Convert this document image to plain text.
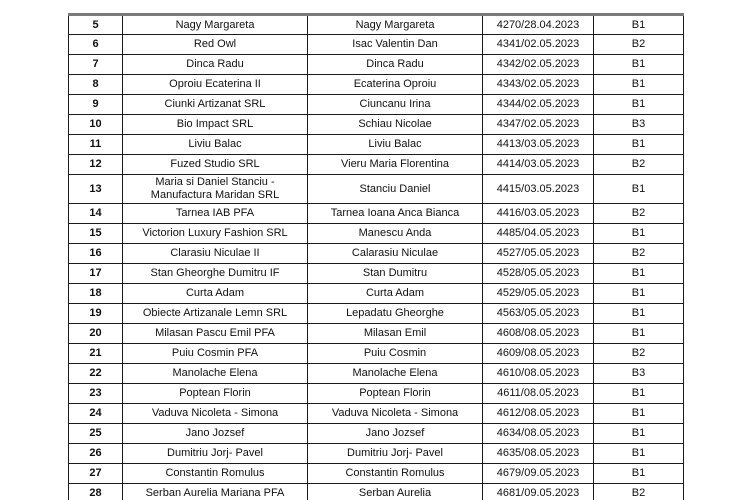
5	Nagy Margareta	Nagy Margareta	4270/28.04.2023	B1
6	Red Owl	Isac Valentin Dan	4341/02.05.2023	B2
7	Dinca Radu	Dinca Radu	4342/02.05.2023	B1
8	Oproiu Ecaterina II	Ecaterina Oproiu	4343/02.05.2023	B1
9	Ciunki Artizanat SRL	Ciuncanu Irina	4344/02.05.2023	B1
10	Bio Impact SRL	Schiau Nicolae	4347/02.05.2023	B3
11	Liviu Balac	Liviu Balac	4413/03.05.2023	B1
12	Fuzed Studio SRL	Vieru Maria Florentina	4414/03.05.2023	B2
13	Maria si Daniel Stanciu - Manufactura Maridan SRL	Stanciu Daniel	4415/03.05.2023	B1
14	Tarnea IAB PFA	Tarnea Ioana Anca Bianca	4416/03.05.2023	B2
15	Victorion Luxury Fashion SRL	Manescu Anda	4485/04.05.2023	B1
16	Clarasiu Niculae II	Calarasiu Niculae	4527/05.05.2023	B2
17	Stan Gheorghe Dumitru IF	Stan Dumitru	4528/05.05.2023	B1
18	Curta Adam	Curta Adam	4529/05.05.2023	B1
19	Obiecte Artizanale Lemn SRL	Lepadatu Gheorghe	4563/05.05.2023	B1
20	Milasan Pascu Emil PFA	Milasan Emil	4608/08.05.2023	B1
21	Puiu Cosmin PFA	Puiu Cosmin	4609/08.05.2023	B2
22	Manolache Elena	Manolache Elena	4610/08.05.2023	B3
23	Poptean Florin	Poptean Florin	4611/08.05.2023	B1
24	Vaduva Nicoleta - Simona	Vaduva Nicoleta - Simona	4612/08.05.2023	B1
25	Jano Jozsef	Jano Jozsef	4634/08.05.2023	B1
26	Dumitriu Jorj- Pavel	Dumitriu Jorj- Pavel	4635/08.05.2023	B1
27	Constantin Romulus	Constantin Romulus	4679/09.05.2023	B1
28	Serban Aurelia Mariana PFA	Serban Aurelia	4681/09.05.2023	B2
